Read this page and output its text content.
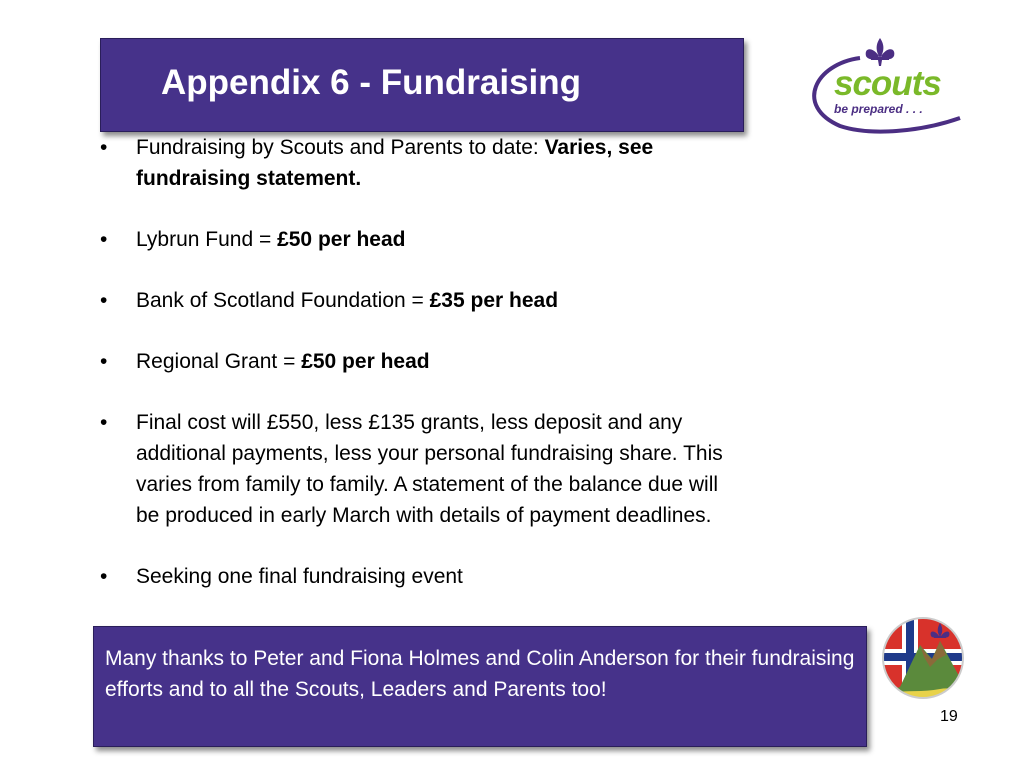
Appendix 6 - Fundraising	scouts
be prepared . . .
• Fundraising by Scouts and Parents to date: Varies, see fundraising statement.
• Lybrun Fund = £50 per head
• Bank of Scotland Foundation = £35 per head
• Regional Grant = £50 per head
• Final cost will £550, less £135 grants, less deposit and any additional payments, less your personal fundraising share. This varies from family to family. A statement of the balance due will be produced in early March with details of payment deadlines.
• Seeking one final fundraising event
Many thanks to Peter and Fiona Holmes and Colin Anderson for their fundraising efforts and to all the Scouts, Leaders and Parents too!
19
